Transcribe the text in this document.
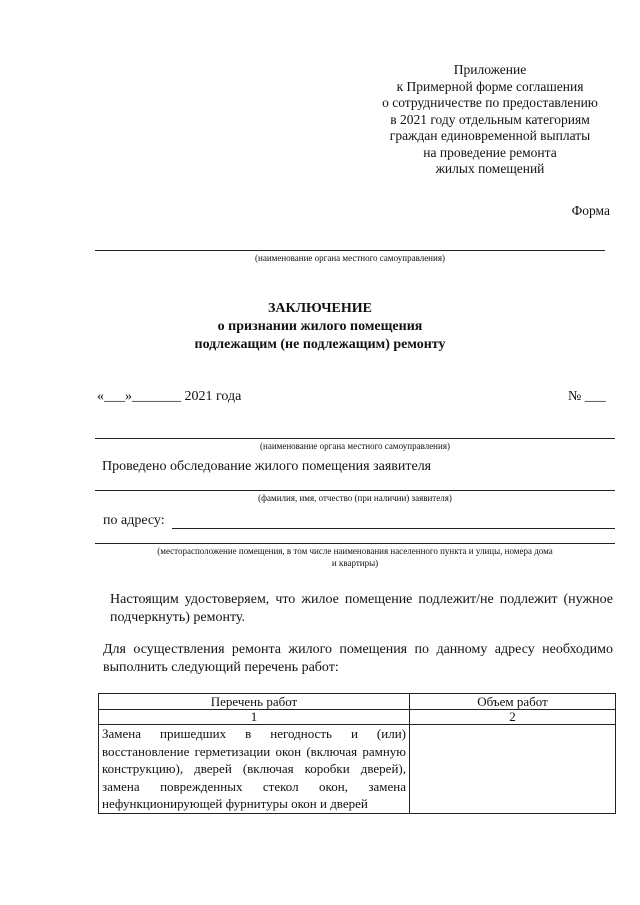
Приложение
к Примерной форме соглашения
о сотрудничестве по предоставлению
в 2021 году отдельным категориям
граждан единовременной выплаты
на проведение ремонта
жилых помещений
Форма
(наименование органа местного самоуправления)
ЗАКЛЮЧЕНИЕ
о признании жилого помещения
подлежащим (не подлежащим) ремонту
«___»_______ 2021 года	№ ___
(наименование органа местного самоуправления)
Проведено обследование жилого помещения заявителя
(фамилия, имя, отчество (при наличии) заявителя)
по адресу:
(месторасположение помещения, в том числе наименования населенного пункта и улицы, номера дома
и квартиры)
Настоящим удостоверяем, что жилое помещение подлежит/не подлежит (нужное подчеркнуть) ремонту.
Для осуществления ремонта жилого помещения по данному адресу необходимо выполнить следующий перечень работ:
Перечень работ	Объем работ
1	2
Замена пришедших в негодность и (или) восстановление герметизации окон (включая рамную конструкцию), дверей (включая коробки дверей), замена поврежденных стекол окон, замена нефункционирующей фурнитуры окон и дверей	
